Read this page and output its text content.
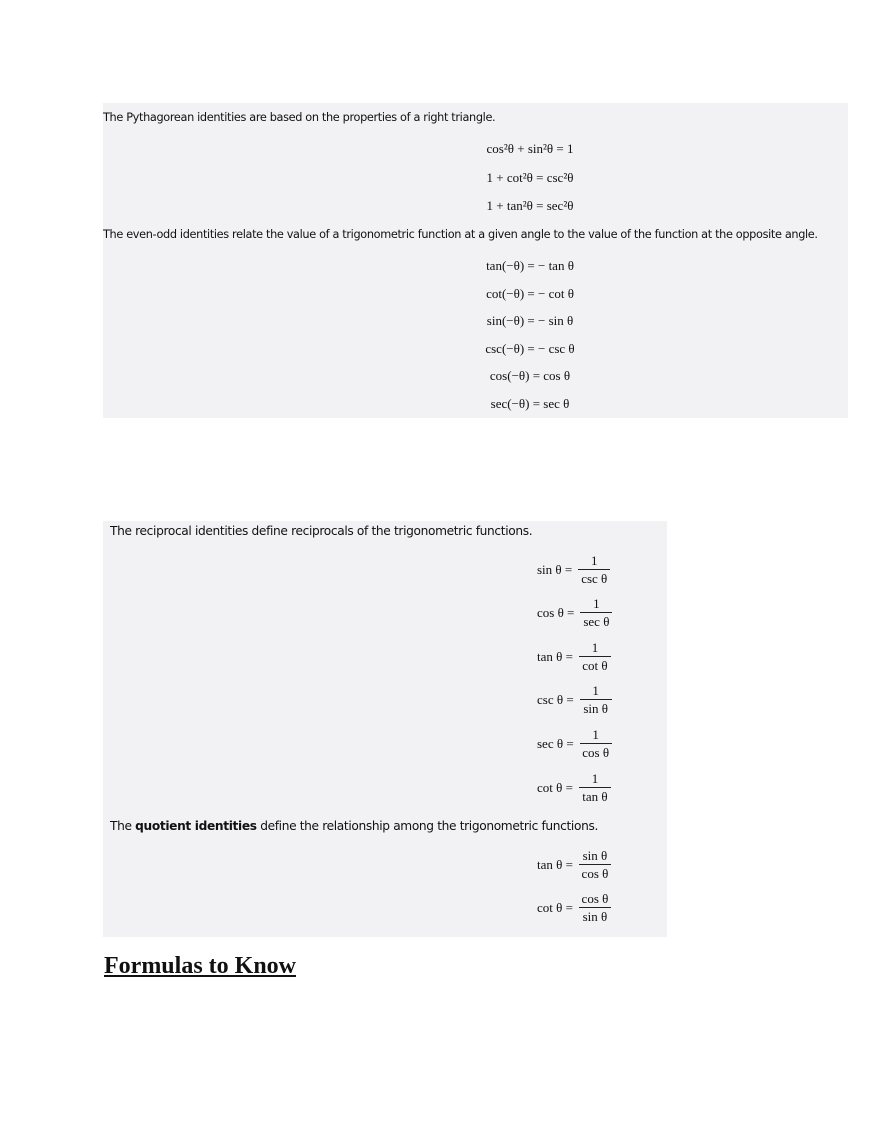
The Pythagorean identities are based on the properties of a right triangle.
cos²θ + sin²θ = 1
1 + cot²θ = csc²θ
1 + tan²θ = sec²θ
The even-odd identities relate the value of a trigonometric function at a given angle to the value of the function at the opposite angle.
tan(−θ) = − tan θ
cot(−θ) = − cot θ
sin(−θ) = − sin θ
csc(−θ) = − csc θ
cos(−θ) = cos θ
sec(−θ) = sec θ
The reciprocal identities define reciprocals of the trigonometric functions.
The quotient identities define the relationship among the trigonometric functions.
Formulas to Know
$\sin \theta = \frac{1}{\text{csc θ}}$
$\cos \theta = \frac{1}{\text{sec θ}}$
$\tan \theta = \frac{1}{\text{cot θ}}$
$\csc \theta = \frac{1}{\text{sin θ}}$
$\sec \theta = \frac{1}{\text{cos θ}}$
$\cot \theta = \frac{1}{\text{tan θ}}$
$\tan \theta = \frac{\text{sin θ}}{\text{cos θ}}$
$\cot \theta = \frac{\text{cos θ}}{\text{sin θ}}$
